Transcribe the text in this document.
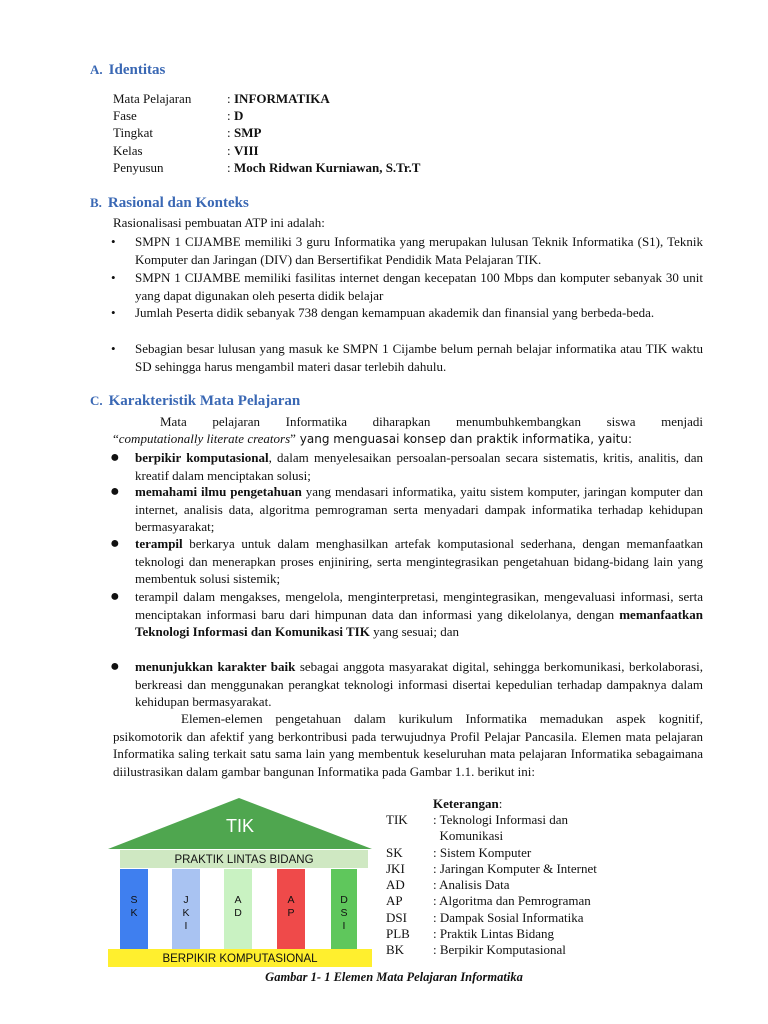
A. Identitas
Mata Pelajaran	: INFORMATIKA
Fase	: D
Tingkat	: SMP
Kelas	: VIII
Penyusun	: Moch Ridwan Kurniawan, S.Tr.T
B. Rasional dan Konteks
Rasionalisasi pembuatan ATP ini adalah:
• SMPN 1 CIJAMBE memiliki 3 guru Informatika yang merupakan lulusan Teknik Informatika (S1), Teknik Komputer dan Jaringan (DIV) dan Bersertifikat Pendidik Mata Pelajaran TIK.
• SMPN 1 CIJAMBE memiliki fasilitas internet dengan kecepatan 100 Mbps dan komputer sebanyak 30 unit yang dapat digunakan oleh peserta didik belajar
• Jumlah Peserta didik sebanyak 738 dengan kemampuan akademik dan finansial yang berbeda-beda.
• Sebagian besar lulusan yang masuk ke SMPN 1 Cijambe belum pernah belajar informatika atau TIK waktu SD sehingga harus mengambil materi dasar terlebih dahulu.
C. Karakteristik Mata Pelajaran
Mata pelajaran Informatika diharapkan menumbuhkembangkan siswa menjadi
“computationally literate creators” yang menguasai konsep dan praktik informatika, yaitu:
● berpikir komputasional, dalam menyelesaikan persoalan-persoalan secara sistematis, kritis, analitis, dan kreatif dalam menciptakan solusi;
● memahami ilmu pengetahuan yang mendasari informatika, yaitu sistem komputer, jaringan komputer dan internet, analisis data, algoritma pemrograman serta menyadari dampak informatika terhadap kehidupan bermasyarakat;
● terampil berkarya untuk dalam menghasilkan artefak komputasional sederhana, dengan memanfaatkan teknologi dan menerapkan proses enjiniring, serta mengintegrasikan pengetahuan bidang-bidang lain yang membentuk solusi sistemik;
● terampil dalam mengakses, mengelola, menginterpretasi, mengintegrasikan, mengevaluasi informasi, serta menciptakan informasi baru dari himpunan data dan informasi yang dikelolanya, dengan memanfaatkan Teknologi Informasi dan Komunikasi TIK yang sesuai; dan
● menunjukkan karakter baik sebagai anggota masyarakat digital, sehingga berkomunikasi, berkolaborasi, berkreasi dan menggunakan perangkat teknologi informasi disertai kepedulian terhadap dampaknya dalam kehidupan bermasyarakat.
Elemen-elemen pengetahuan dalam kurikulum Informatika memadukan aspek kognitif, psikomotorik dan afektif yang berkontribusi pada terwujudnya Profil Pelajar Pancasila. Elemen mata pelajaran Informatika saling terkait satu sama lain yang membentuk keseluruhan mata pelajaran Informatika sebagaimana diilustrasikan dalam gambar bangunan Informatika pada Gambar 1.1. berikut ini:
TIK
PRAKTIK LINTAS BIDANG
S
K
J
K
I
A
D
A
P
D
S
I
BERPIKIR KOMPUTASIONAL
Keterangan:
TIK : Teknologi Informasi dan
Komunikasi
SK : Sistem Komputer
JKI : Jaringan Komputer & Internet
AD : Analisis Data
AP : Algoritma dan Pemrograman
DSI : Dampak Sosial Informatika
PLB : Praktik Lintas Bidang
BK : Berpikir Komputasional
Gambar 1- 1 Elemen Mata Pelajaran Informatika
